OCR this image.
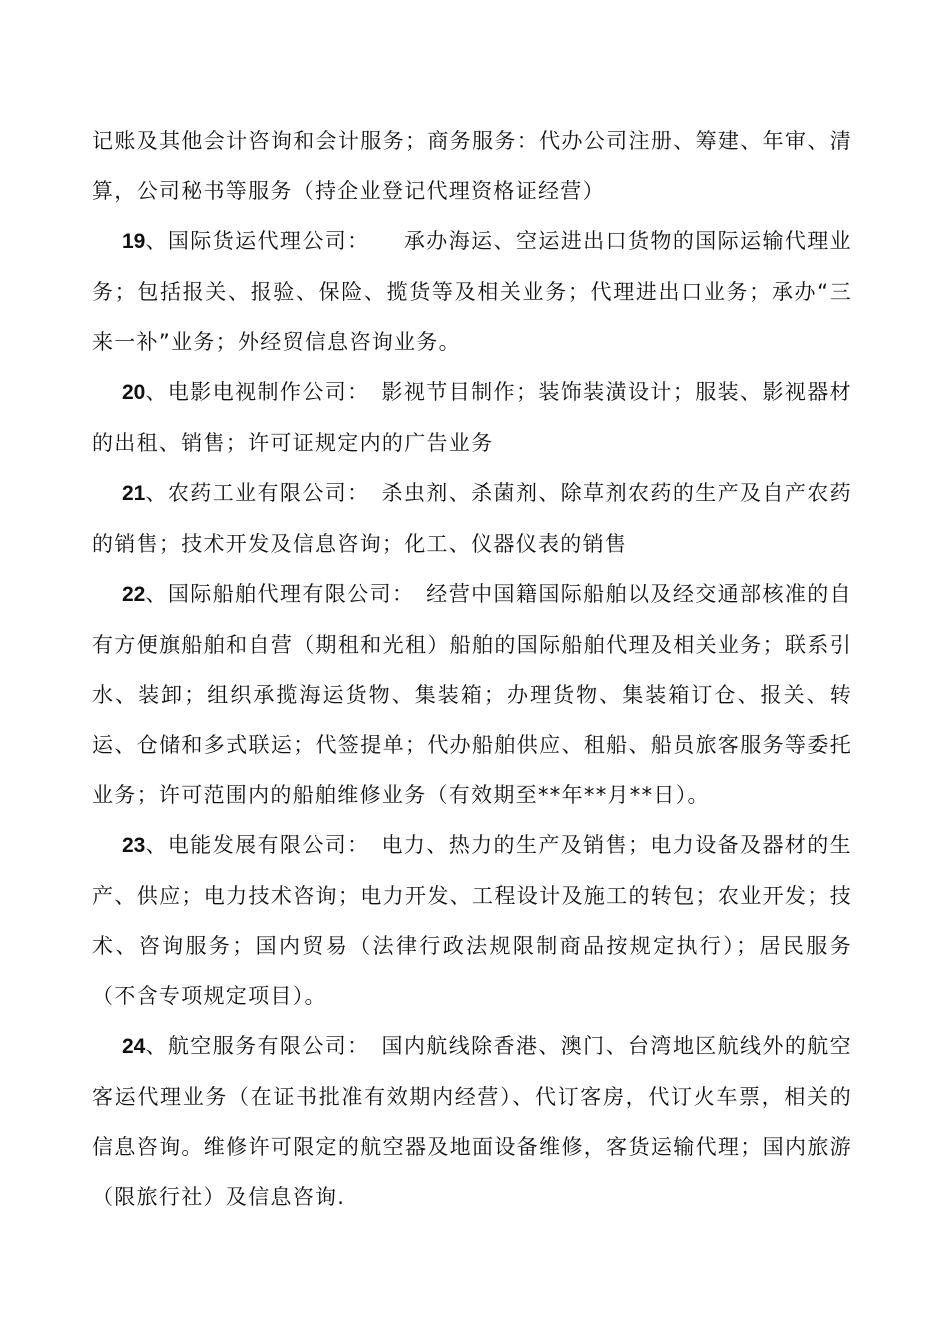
记账及其他会计咨询和会计服务；商务服务：代办公司注册、筹建、年审、清算，公司秘书等服务（持企业登记代理资格证经营）

19、国际货运代理公司：　　承办海运、空运进出口货物的国际运输代理业务；包括报关、报验、保险、揽货等及相关业务；代理进出口业务；承办“三来一补”业务；外经贸信息咨询业务。

20、电影电视制作公司：　影视节目制作；装饰装潢设计；服装、影视器材的出租、销售；许可证规定内的广告业务

21、农药工业有限公司：　杀虫剂、杀菌剂、除草剂农药的生产及自产农药的销售；技术开发及信息咨询；化工、仪器仪表的销售

22、国际船舶代理有限公司：　经营中国籍国际船舶以及经交通部核准的自有方便旗船舶和自营（期租和光租）船舶的国际船舶代理及相关业务；联系引水、装卸；组织承揽海运货物、集装箱；办理货物、集装箱订仓、报关、转运、仓储和多式联运；代签提单；代办船舶供应、租船、船员旅客服务等委托业务；许可范围内的船舶维修业务（有效期至**年**月**日）。

23、电能发展有限公司：　电力、热力的生产及销售；电力设备及器材的生产、供应；电力技术咨询；电力开发、工程设计及施工的转包；农业开发；技术、咨询服务；国内贸易（法律行政法规限制商品按规定执行）；居民服务（不含专项规定项目）。

24、航空服务有限公司：　国内航线除香港、澳门、台湾地区航线外的航空客运代理业务（在证书批准有效期内经营）、代订客房，代订火车票，相关的信息咨询。维修许可限定的航空器及地面设备维修，客货运输代理；国内旅游（限旅行社）及信息咨询.
